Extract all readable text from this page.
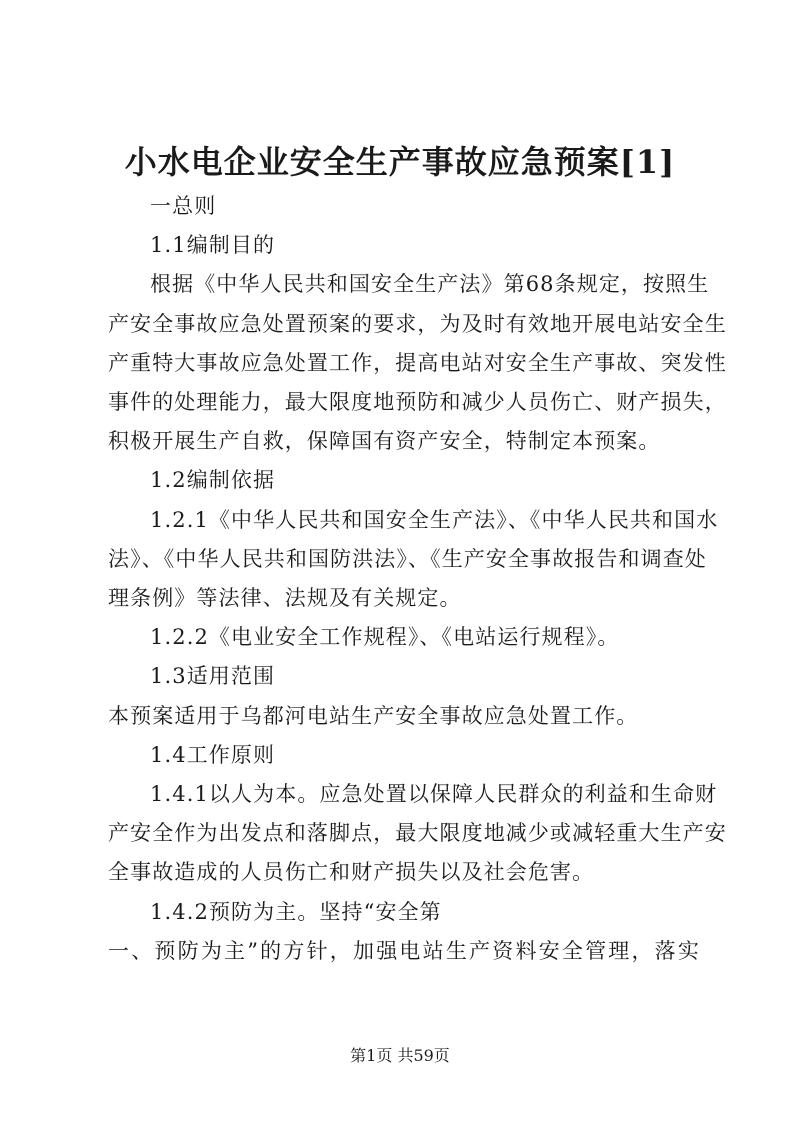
小水电企业安全生产事故应急预案[1]

一总则

1.1编制目的

根据《中华人民共和国安全生产法》第68条规定，按照生

产安全事故应急处置预案的要求，为及时有效地开展电站安全生

产重特大事故应急处置工作，提高电站对安全生产事故、突发性

事件的处理能力，最大限度地预防和减少人员伤亡、财产损失，

积极开展生产自救，保障国有资产安全，特制定本预案。

1.2编制依据

1.2.1《中华人民共和国安全生产法》、《中华人民共和国水

法》、《中华人民共和国防洪法》、《生产安全事故报告和调查处

理条例》等法律、法规及有关规定。

1.2.2《电业安全工作规程》、《电站运行规程》。

1.3适用范围

本预案适用于乌都河电站生产安全事故应急处置工作。

1.4工作原则

1.4.1以人为本。应急处置以保障人民群众的利益和生命财

产安全作为出发点和落脚点，最大限度地减少或减轻重大生产安

全事故造成的人员伤亡和财产损失以及社会危害。

1.4.2预防为主。坚持“安全第

一、预防为主”的方针，加强电站生产资料安全管理，落实

第1页 共59页
